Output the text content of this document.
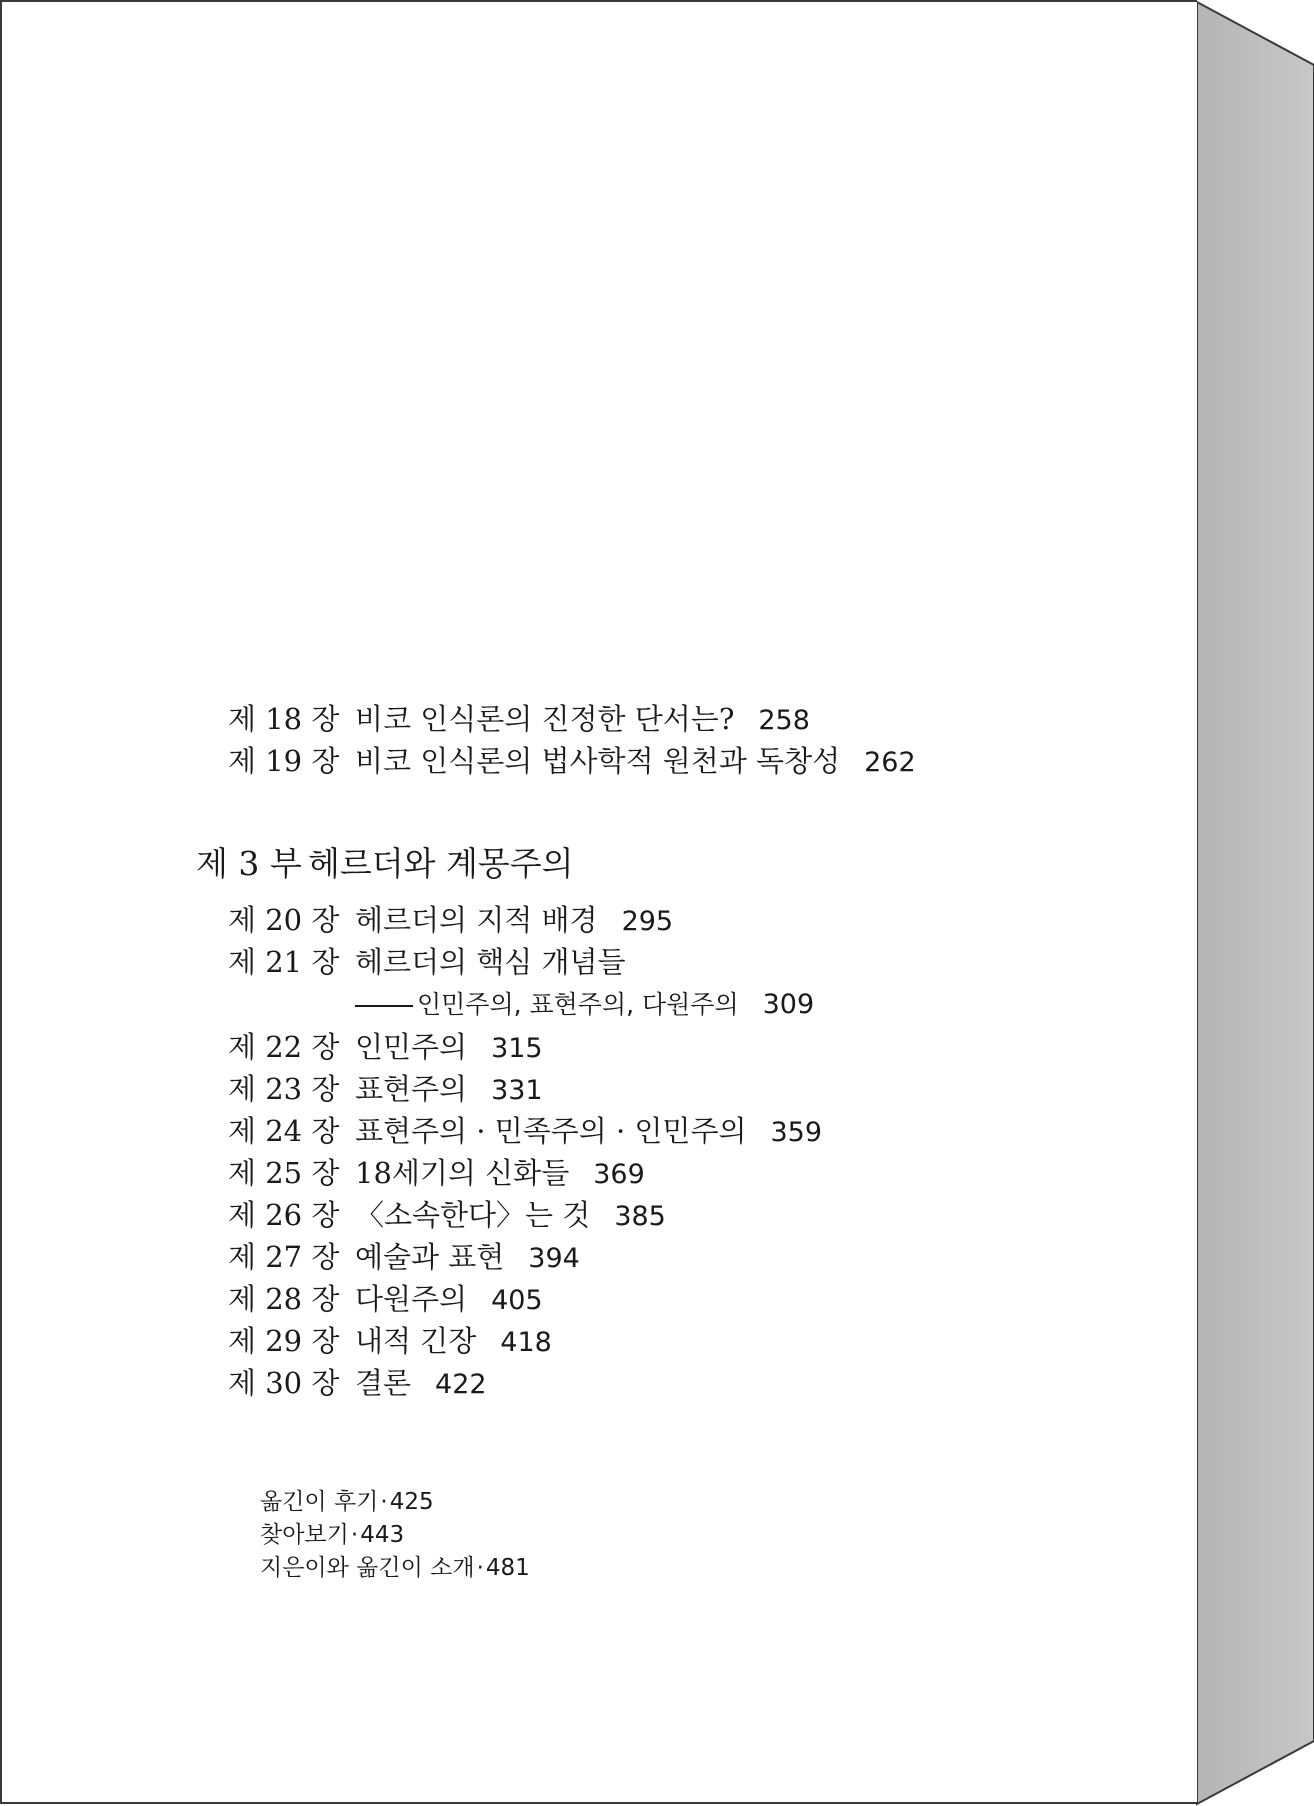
제 18 장 비코 인식론의 진정한 단서는? 258
제 19 장 비코 인식론의 법사학적 원천과 독창성 262
제 3 부 헤르더와 계몽주의
제 20 장 헤르더의 지적 배경 295
제 21 장 헤르더의 핵심 개념들
인민주의, 표현주의, 다원주의 309
제 22 장 인민주의 315
제 23 장 표현주의 331
제 24 장 표현주의 · 민족주의 · 인민주의 359
제 25 장 18세기의 신화들 369
제 26 장 〈소속한다〉는 것 385
제 27 장 예술과 표현 394
제 28 장 다원주의 405
제 29 장 내적 긴장 418
제 30 장 결론 422
옮긴이 후기·425
찾아보기·443
지은이와 옮긴이 소개·481
